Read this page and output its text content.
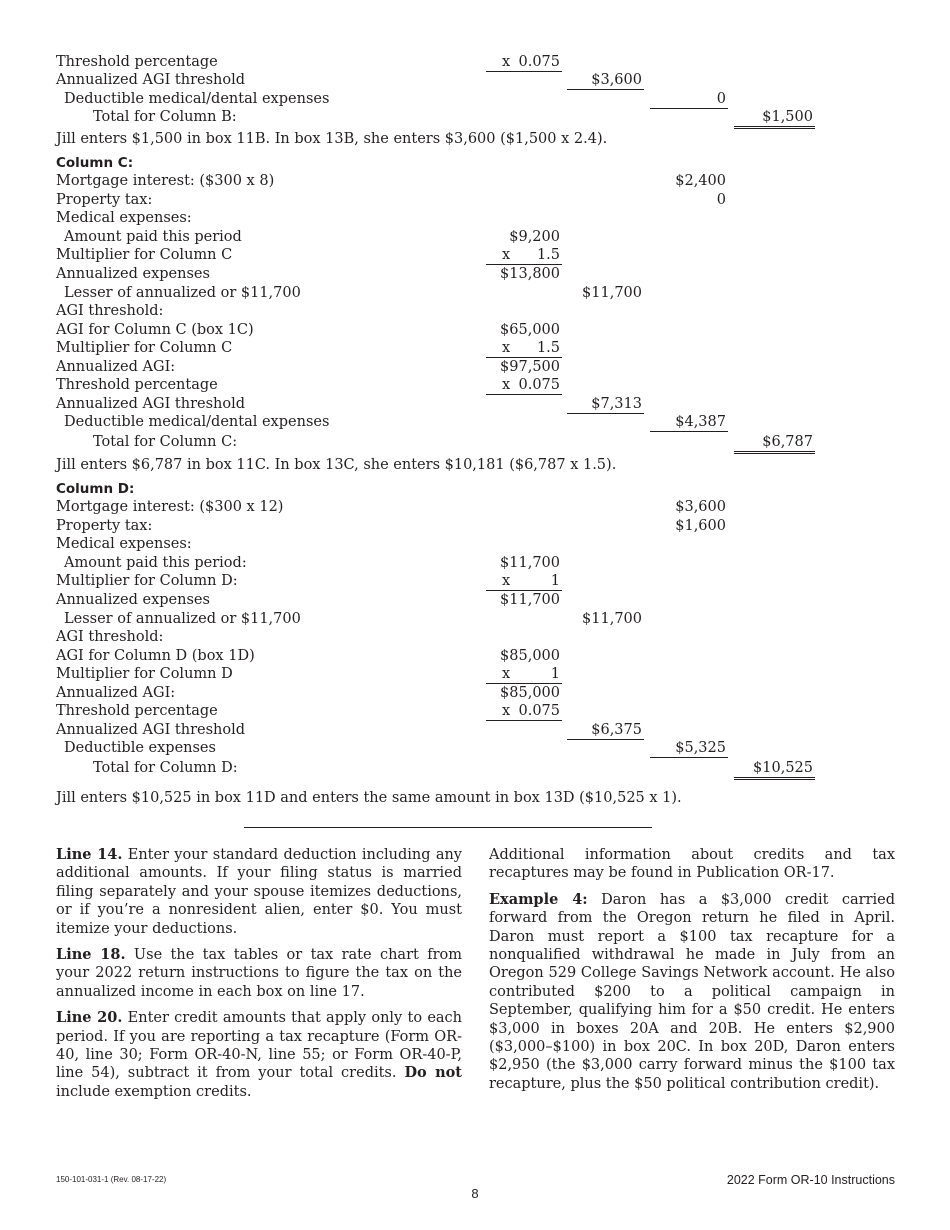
Threshold percentage	x 0.075
Annualized AGI threshold	$3,600
Deductible medical/dental expenses	0
Total for Column B:	$1,500
Jill enters $1,500 in box 11B. In box 13B, she enters $3,600 ($1,500 x 2.4).
Column C:
Mortgage interest: ($300 x 8)	$2,400
Property tax:	0
Medical expenses:
Amount paid this period	$9,200
Multiplier for Column C	x 1.5
Annualized expenses	$13,800
Lesser of annualized or $11,700	$11,700
AGI threshold:
AGI for Column C (box 1C)	$65,000
Multiplier for Column C	x 1.5
Annualized AGI:	$97,500
Threshold percentage	x 0.075
Annualized AGI threshold	$7,313
Deductible medical/dental expenses	$4,387
Total for Column C:	$6,787
Jill enters $6,787 in box 11C. In box 13C, she enters $10,181 ($6,787 x 1.5).
Column D:
Mortgage interest: ($300 x 12)	$3,600
Property tax:	$1,600
Medical expenses:
Amount paid this period:	$11,700
Multiplier for Column D:	x	1
Annualized expenses	$11,700
Lesser of annualized or $11,700	$11,700
AGI threshold:
AGI for Column D (box 1D)	$85,000
Multiplier for Column D	x	1
Annualized AGI:	$85,000
Threshold percentage	x 0.075
Annualized AGI threshold	$6,375
Deductible expenses	$5,325
Total for Column D:	$10,525
Jill enters $10,525 in box 11D and enters the same amount in box 13D ($10,525 x 1).

Line 14. Enter your standard deduction including any additional amounts. If your filing status is married filing separately and your spouse itemizes deductions, or if you’re a nonresident alien, enter $0. You must itemize your deductions.

Line 18. Use the tax tables or tax rate chart from your 2022 return instructions to figure the tax on the annualized income in each box on line 17.

Line 20. Enter credit amounts that apply only to each period. If you are reporting a tax recapture (Form OR-40, line 30; Form OR-40-N, line 55; or Form OR-40-P, line 54), subtract it from your total credits. Do not include exemption credits.

Additional information about credits and tax recaptures may be found in Publication OR-17.

Example 4: Daron has a $3,000 credit carried forward from the Oregon return he filed in April. Daron must report a $100 tax recapture for a nonqualified withdrawal he made in July from an Oregon 529 College Savings Network account. He also contributed $200 to a political campaign in September, qualifying him for a $50 credit. He enters $3,000 in boxes 20A and 20B. He enters $2,900 ($3,000–$100) in box 20C. In box 20D, Daron enters $2,950 (the $3,000 carry forward minus the $100 tax recapture, plus the $50 political contribution credit).

150-101-031-1 (Rev. 08-17-22)
8
2022 Form OR-10 Instructions
